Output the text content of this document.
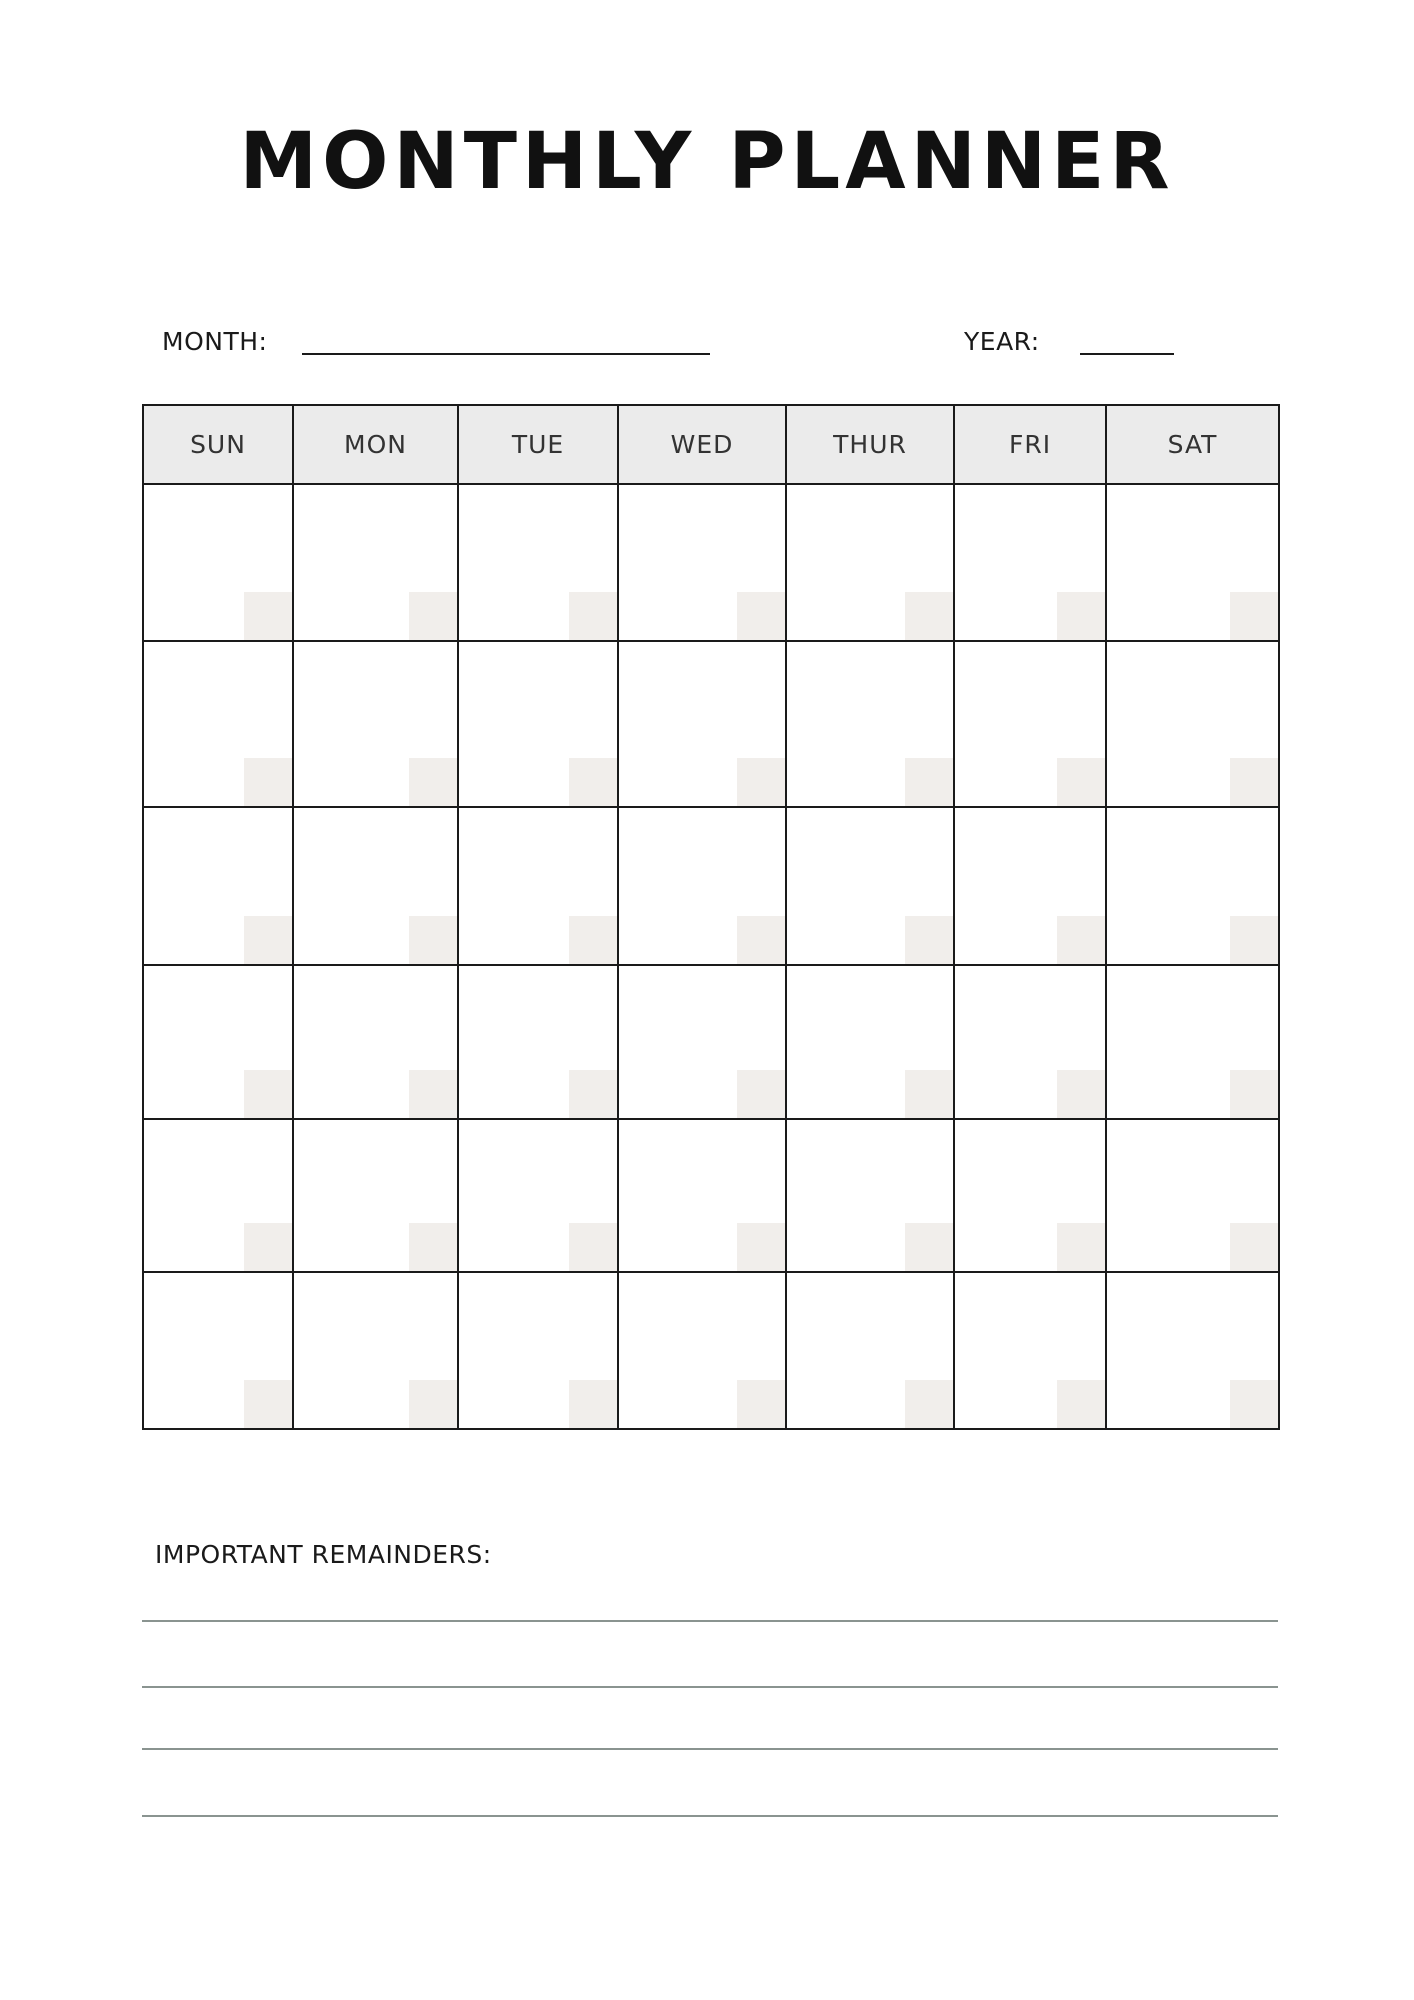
MONTHLY PLANNER
MONTH:	YEAR:
SUN	MON	TUE	WED	THUR	FRI	SAT

IMPORTANT REMAINDERS:
